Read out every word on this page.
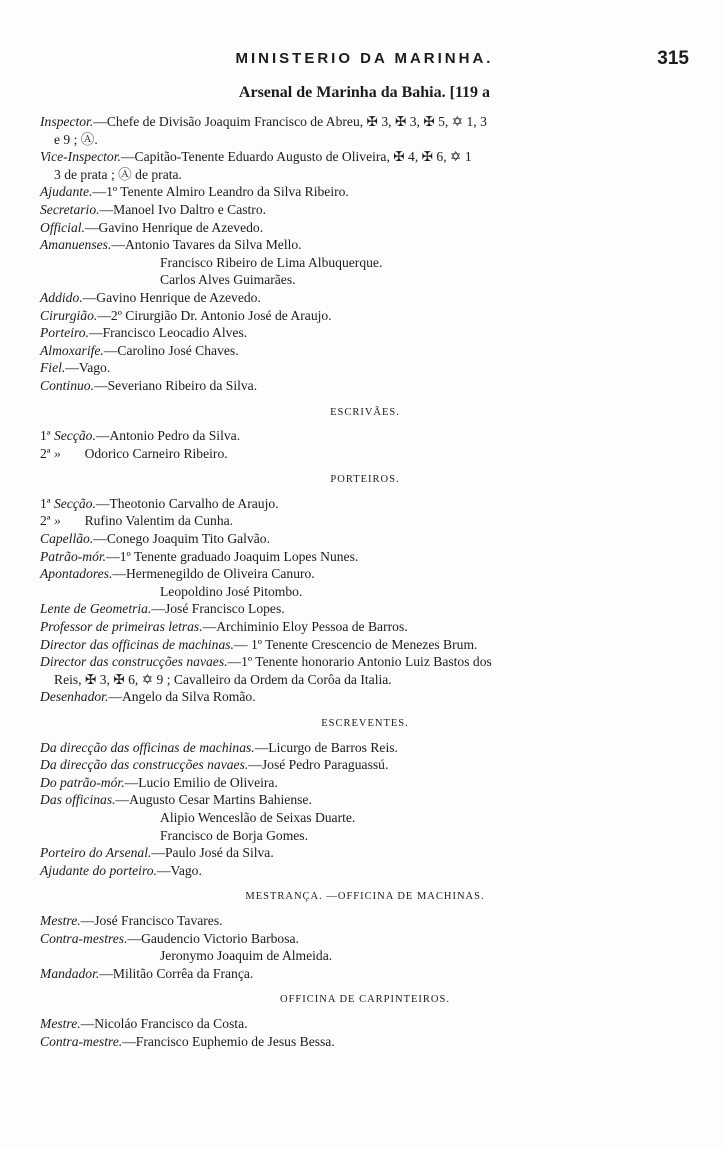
MINISTERIO DA MARINHA.	315
Arsenal de Marinha da Bahia. [119 a
Inspector.—Chefe de Divisão Joaquim Francisco de Abreu, ✠ 3, ✠ 3, ✠ 5, ✡ 1, 3
e 9 ; Ⓐ.
Vice-Inspector.—Capitão-Tenente Eduardo Augusto de Oliveira, ✠ 4, ✠ 6, ✡ 1
3 de prata ; Ⓐ de prata.
Ajudante.—1º Tenente Almiro Leandro da Silva Ribeiro.
Secretario.—Manoel Ivo Daltro e Castro.
Official.—Gavino Henrique de Azevedo.
Amanuenses.—Antonio Tavares da Silva Mello.
Francisco Ribeiro de Lima Albuquerque.
Carlos Alves Guimarães.
Addido.—Gavino Henrique de Azevedo.
Cirurgião.—2º Cirurgião Dr. Antonio José de Araujo.
Porteiro.—Francisco Leocadio Alves.
Almoxarife.—Carolino José Chaves.
Fiel.—Vago.
Continuo.—Severiano Ribeiro da Silva.
ESCRIVÃES.
1ª Secção.—Antonio Pedro da Silva.
2ª » Odorico Carneiro Ribeiro.
PORTEIROS.
1ª Secção.—Theotonio Carvalho de Araujo.
2ª » Rufino Valentim da Cunha.
Capellão.—Conego Joaquim Tito Galvão.
Patrão-mór.—1º Tenente graduado Joaquim Lopes Nunes.
Apontadores.—Hermenegildo de Oliveira Canuro.
Leopoldino José Pitombo.
Lente de Geometria.—José Francisco Lopes.
Professor de primeiras letras.—Archiminio Eloy Pessoa de Barros.
Director das officinas de machinas.— 1º Tenente Crescencio de Menezes Brum.
Director das construcções navaes.—1º Tenente honorario Antonio Luiz Bastos dos
Reis, ✠ 3, ✠ 6, ✡ 9 ; Cavalleiro da Ordem da Corôa da Italia.
Desenhador.—Angelo da Silva Romão.
ESCREVENTES.
Da direcção das officinas de machinas.—Licurgo de Barros Reis.
Da direcção das construcções navaes.—José Pedro Paraguassú.
Do patrão-mór.—Lucio Emilio de Oliveira.
Das officinas.—Augusto Cesar Martins Bahiense.
Alipio Wenceslão de Seixas Duarte.
Francisco de Borja Gomes.
Porteiro do Arsenal.—Paulo José da Silva.
Ajudante do porteiro.—Vago.
MESTRANÇA. —OFFICINA DE MACHINAS.
Mestre.—José Francisco Tavares.
Contra-mestres.—Gaudencio Victorio Barbosa.
Jeronymo Joaquim de Almeida.
Mandador.—Militão Corrêa da França.
OFFICINA DE CARPINTEIROS.
Mestre.—Nicoláo Francisco da Costa.
Contra-mestre.—Francisco Euphemio de Jesus Bessa.
